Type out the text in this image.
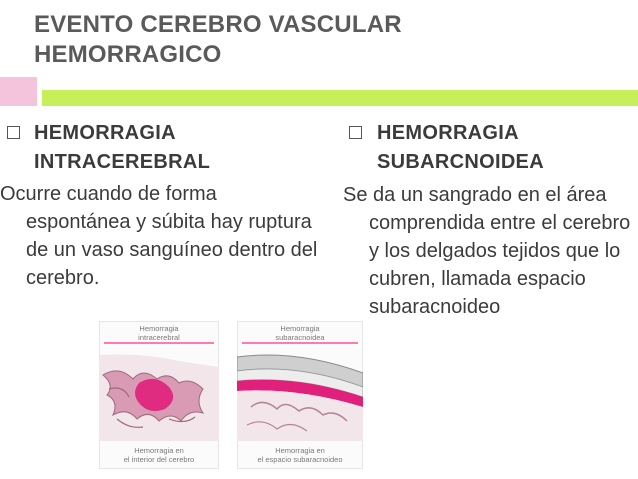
EVENTO CEREBRO VASCULAR
HEMORRAGICO
HEMORRAGIA
INTRACEREBRAL
Ocurre cuando de forma espontánea y súbita hay ruptura de un vaso sanguíneo dentro del cerebro.
HEMORRAGIA
SUBARCNOIDEA
Se da un sangrado en el área comprendida entre el cerebro y los delgados tejidos que lo cubren, llamada espacio subaracnoideo
Hemorragia
intracerebral
Hemorragia en
el interior del cerebro
Hemorragia
subaracnoidea
Hemorragia en
el espacio subaracnoideo
